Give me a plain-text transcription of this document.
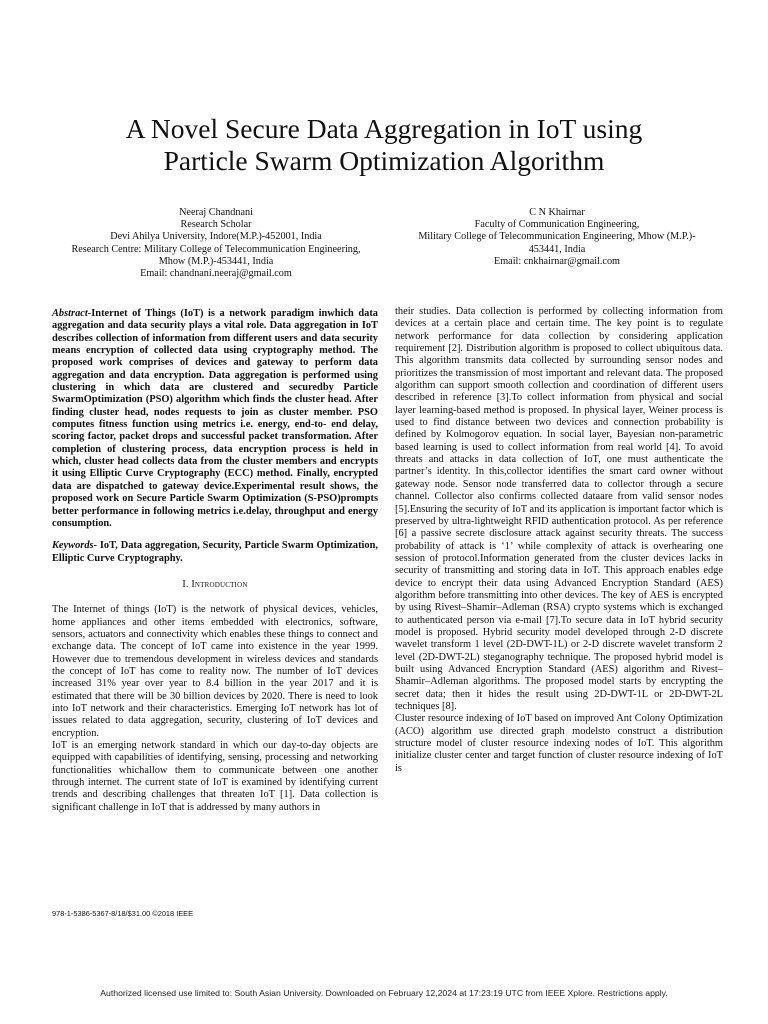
A Novel Secure Data Aggregation in IoT using
Particle Swarm Optimization Algorithm
Neeraj Chandnani
Research Scholar
Devi Ahilya University, Indore(M.P.)-452001, India
Research Centre: Military College of Telecommunication Engineering,
Mhow (M.P.)-453441, India
Email: chandnani.neeraj@gmail.com
C N Khairnar
Faculty of Communication Engineering,
Military College of Telecommunication Engineering, Mhow (M.P.)-
453441, India
Email: cnkhairnar@gmail.com

Abstract-Internet of Things (IoT) is a network paradigm inwhich data aggregation and data security plays a vital role. Data aggregation in IoT describes collection of information from different users and data security means encryption of collected data using cryptography method. The proposed work comprises of devices and gateway to perform data aggregation and data encryption. Data aggregation is performed using clustering in which data are clustered and securedby Particle SwarmOptimization (PSO) algorithm which finds the cluster head. After finding cluster head, nodes requests to join as cluster member. PSO computes fitness function using metrics i.e. energy, end-to- end delay, scoring factor, packet drops and successful packet transformation. After completion of clustering process, data encryption process is held in which, cluster head collects data from the cluster members and encrypts it using Elliptic Curve Cryptography (ECC) method. Finally, encrypted data are dispatched to gateway device.Experimental result shows, the proposed work on Secure Particle Swarm Optimization (S-PSO)prompts better performance in following metrics i.e.delay, throughput and energy consumption.

Keywords- IoT, Data aggregation, Security, Particle Swarm Optimization, Elliptic Curve Cryptography.

I. Introduction

The Internet of things (IoT) is the network of physical devices, vehicles, home appliances and other items embedded with electronics, software, sensors, actuators and connectivity which enables these things to connect and exchange data. The concept of IoT came into existence in the year 1999. However due to tremendous development in wireless devices and standards the concept of IoT has come to reality now. The number of IoT devices increased 31% year over year to 8.4 billion in the year 2017 and it is estimated that there will be 30 billion devices by 2020. There is need to look into IoT network and their characteristics. Emerging IoT network has lot of issues related to data aggregation, security, clustering of IoT devices and encryption.

IoT is an emerging network standard in which our day-to-day objects are equipped with capabilities of identifying, sensing, processing and networking functionalities whichallow them to communicate between one another through internet. The current state of IoT is examined by identifying current trends and describing challenges that threaten IoT [1]. Data collection is significant challenge in IoT that is addressed by many authors in

their studies. Data collection is performed by collecting information from devices at a certain place and certain time. The key point is to regulate network performance for data collection by considering application requirement [2]. Distribution algorithm is proposed to collect ubiquitous data. This algorithm transmits data collected by surrounding sensor nodes and prioritizes the transmission of most important and relevant data. The proposed algorithm can support smooth collection and coordination of different users described in reference [3].To collect information from physical and social layer learning-based method is proposed. In physical layer, Weiner process is used to find distance between two devices and connection probability is defined by Kolmogorov equation. In social layer, Bayesian non-parametric based learning is used to collect information from real world [4]. To avoid threats and attacks in data collection of IoT, one must authenticate the partner’s identity. In this,collector identifies the smart card owner without gateway node. Sensor node transferred data to collector through a secure channel. Collector also confirms collected dataare from valid sensor nodes [5].Ensuring the security of IoT and its application is important factor which is preserved by ultra-lightweight RFID authentication protocol. As per reference [6] a passive secrete disclosure attack against security threats. The success probability of attack is ‘1’ while complexity of attack is overhearing one session of protocol.Information generated from the cluster devices lacks in security of transmitting and storing data in IoT. This approach enables edge device to encrypt their data using Advanced Encryption Standard (AES) algorithm before transmitting into other devices. The key of AES is encrypted by using Rivest–Shamir–Adleman (RSA) crypto systems which is exchanged to authenticated person via e-mail [7].To secure data in IoT hybrid security model is proposed. Hybrid security model developed through 2-D discrete wavelet transform 1 level (2D-DWT-1L) or 2-D discrete wavelet transform 2 level (2D-DWT-2L) steganography technique. The proposed hybrid model is built using Advanced Encryption Standard (AES) algorithm and Rivest–Shamir–Adleman algorithms. The proposed model starts by encrypting the secret data; then it hides the result using 2D-DWT-1L or 2D-DWT-2L techniques [8].

Cluster resource indexing of IoT based on improved Ant Colony Optimization (ACO) algorithm use directed graph modelsto construct a distribution structure model of cluster resource indexing nodes of IoT. This algorithm initialize cluster center and target function of cluster resource indexing of IoT is

978-1-5386-5367-8/18/$31.00 ©2018 IEEE
Authorized licensed use limited to: South Asian University. Downloaded on February 12,2024 at 17:23:19 UTC from IEEE Xplore. Restrictions apply.
